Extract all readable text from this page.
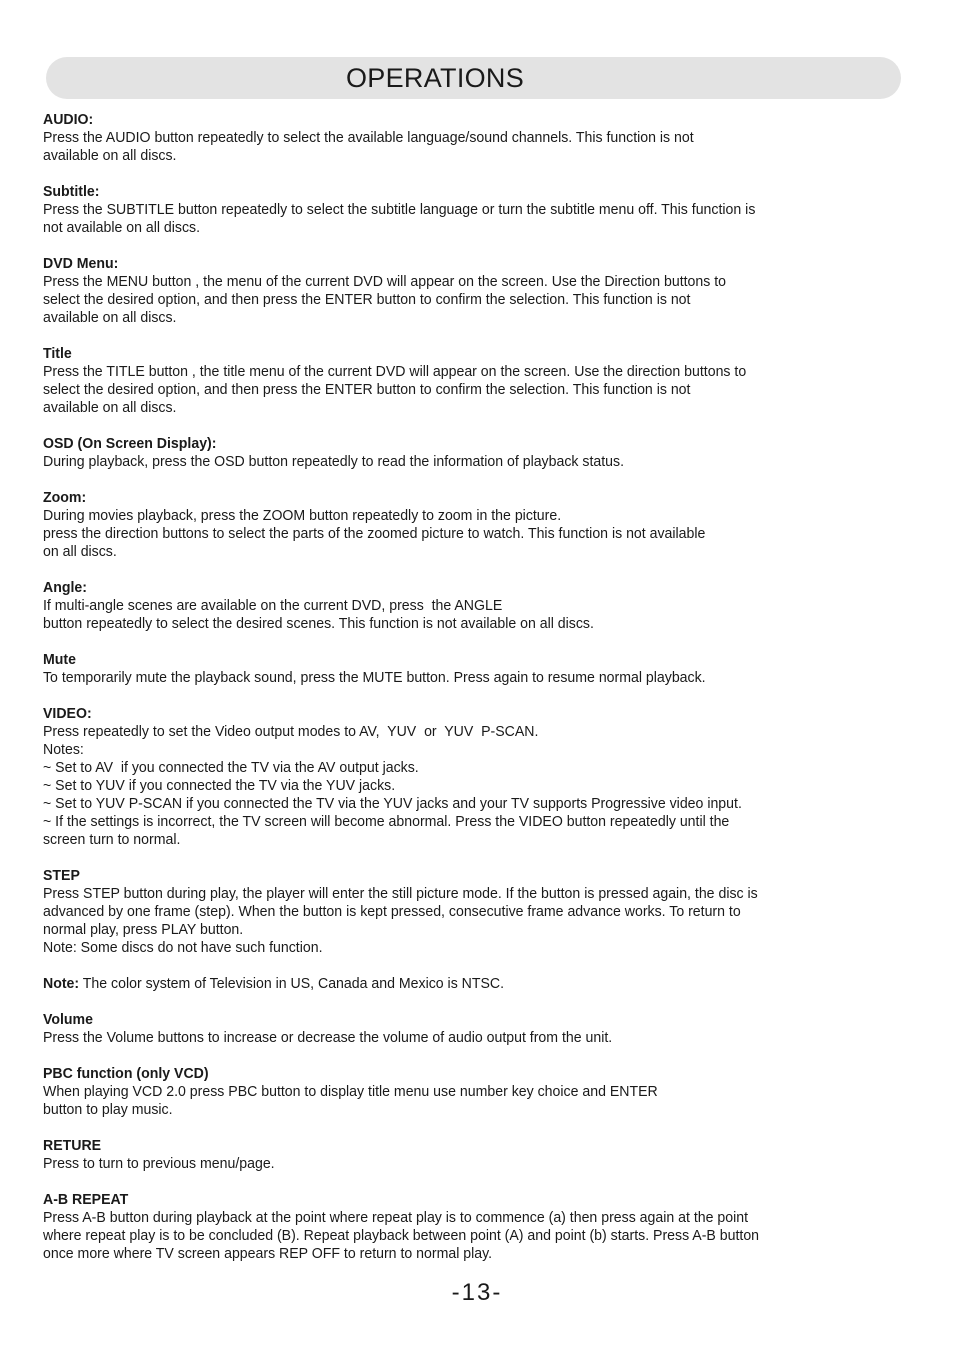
OPERATIONS
AUDIO:
Press the AUDIO button repeatedly to select the available language/sound channels. This function is not
available on all discs.
Subtitle:
Press the SUBTITLE button repeatedly to select the subtitle language or turn the subtitle menu off. This function is
not available on all discs.
DVD Menu:
Press the MENU button , the menu of the current DVD will appear on the screen. Use the Direction buttons to
select the desired option, and then press the ENTER button to confirm the selection. This function is not
available on all discs.
Title
Press the TITLE button , the title menu of the current DVD will appear on the screen. Use the direction buttons to
select the desired option, and then press the ENTER button to confirm the selection. This function is not
available on all discs.
OSD (On Screen Display):
During playback, press the OSD button repeatedly to read the information of playback status.
Zoom:
During movies playback, press the ZOOM button repeatedly to zoom in the picture.
press the direction buttons to select the parts of the zoomed picture to watch. This function is not available
on all discs.
Angle:
If multi-angle scenes are available on the current DVD, press  the ANGLE
button repeatedly to select the desired scenes. This function is not available on all discs.
Mute
To temporarily mute the playback sound, press the MUTE button. Press again to resume normal playback.
VIDEO:
Press repeatedly to set the Video output modes to AV,  YUV  or  YUV  P-SCAN.
Notes:
~ Set to AV  if you connected the TV via the AV output jacks.
~ Set to YUV if you connected the TV via the YUV jacks.
~ Set to YUV P-SCAN if you connected the TV via the YUV jacks and your TV supports Progressive video input.
~ If the settings is incorrect, the TV screen will become abnormal. Press the VIDEO button repeatedly until the
screen turn to normal.
STEP
Press STEP button during play, the player will enter the still picture mode. If the button is pressed again, the disc is
advanced by one frame (step). When the button is kept pressed, consecutive frame advance works. To return to
normal play, press PLAY button.
Note: Some discs do not have such function.
Note: The color system of Television in US, Canada and Mexico is NTSC.
Volume
Press the Volume buttons to increase or decrease the volume of audio output from the unit.
PBC function (only VCD)
When playing VCD 2.0 press PBC button to display title menu use number key choice and ENTER
button to play music.
RETURE
Press to turn to previous menu/page.
A-B REPEAT
Press A-B button during playback at the point where repeat play is to commence (a) then press again at the point
where repeat play is to be concluded (B). Repeat playback between point (A) and point (b) starts. Press A-B button
once more where TV screen appears REP OFF to return to normal play.
-13-
